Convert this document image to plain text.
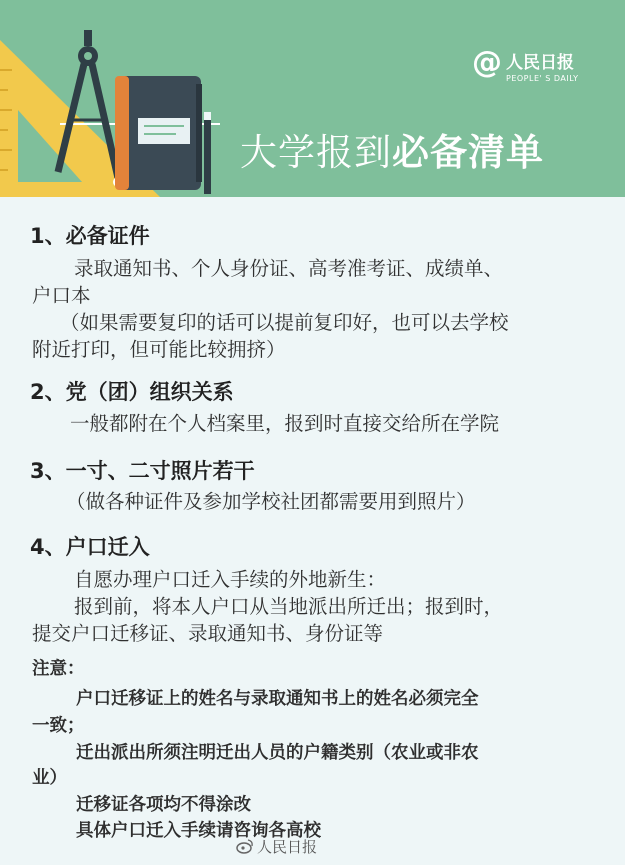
大学报到必备清单
@ 人民日报
PEOPLE' S DAILY
1、必备证件
录取通知书、个人身份证、高考准考证、成绩单、
户口本
（如果需要复印的话可以提前复印好，也可以去学校
附近打印，但可能比较拥挤）
2、党（团）组织关系
一般都附在个人档案里，报到时直接交给所在学院
3、一寸、二寸照片若干
（做各种证件及参加学校社团都需要用到照片）
4、户口迁入
自愿办理户口迁入手续的外地新生：
报到前，将本人户口从当地派出所迁出；报到时，
提交户口迁移证、录取通知书、身份证等
注意：
户口迁移证上的姓名与录取通知书上的姓名必须完全
一致；
迁出派出所须注明迁出人员的户籍类别（农业或非农
业）
迁移证各项均不得涂改
具体户口迁入手续请咨询各高校
人民日报
